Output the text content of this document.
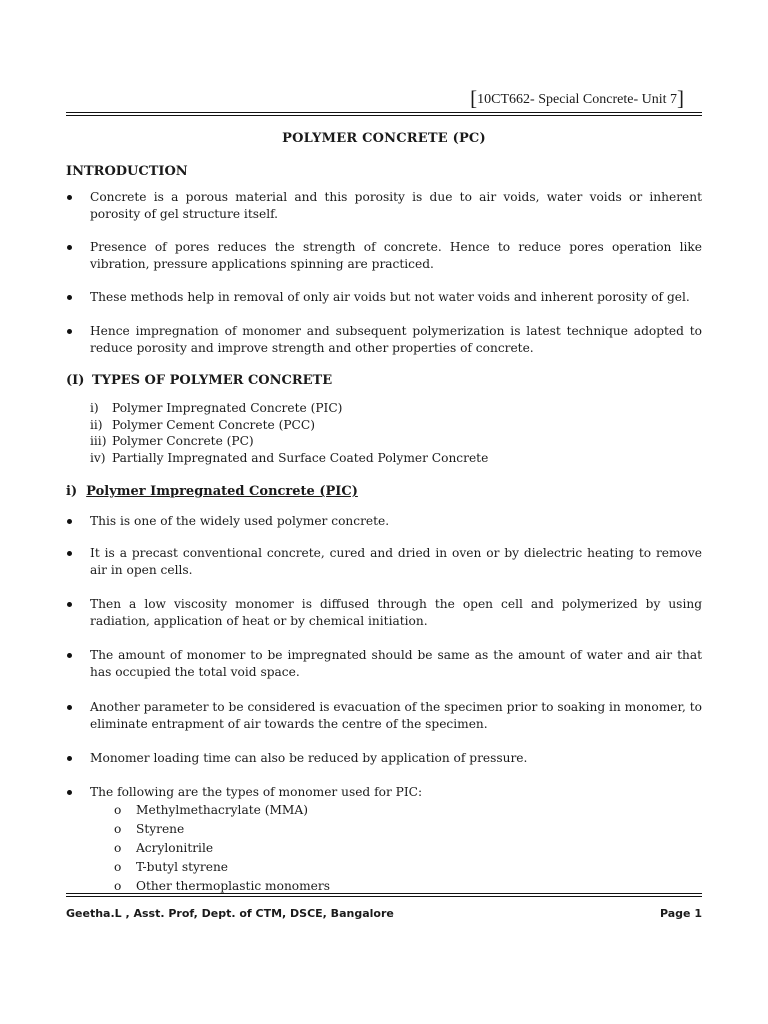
[10CT662- Special Concrete- Unit 7]
POLYMER CONCRETE (PC)
INTRODUCTION
Concrete is a porous material and this porosity is due to air voids, water voids or inherent porosity of gel structure itself.
Presence of pores reduces the strength of concrete. Hence to reduce pores operation like vibration, pressure applications spinning are practiced.
These methods help in removal of only air voids but not water voids and inherent porosity of gel.
Hence impregnation of monomer and subsequent polymerization is latest technique adopted to reduce porosity and improve strength and other properties of concrete.
(I) TYPES OF POLYMER CONCRETE
i) Polymer Impregnated Concrete (PIC)
ii) Polymer Cement Concrete (PCC)
iii) Polymer Concrete (PC)
iv) Partially Impregnated and Surface Coated Polymer Concrete
i) Polymer Impregnated Concrete (PIC)
This is one of the widely used polymer concrete.
It is a precast conventional concrete, cured and dried in oven or by dielectric heating to remove air in open cells.
Then a low viscosity monomer is diffused through the open cell and polymerized by using radiation, application of heat or by chemical initiation.
The amount of monomer to be impregnated should be same as the amount of water and air that has occupied the total void space.
Another parameter to be considered is evacuation of the specimen prior to soaking in monomer, to eliminate entrapment of air towards the centre of the specimen.
Monomer loading time can also be reduced by application of pressure.
The following are the types of monomer used for PIC:
o Methylmethacrylate (MMA)
o Styrene
o Acrylonitrile
o T-butyl styrene
o Other thermoplastic monomers
Geetha.L , Asst. Prof, Dept. of CTM, DSCE, Bangalore	Page 1
